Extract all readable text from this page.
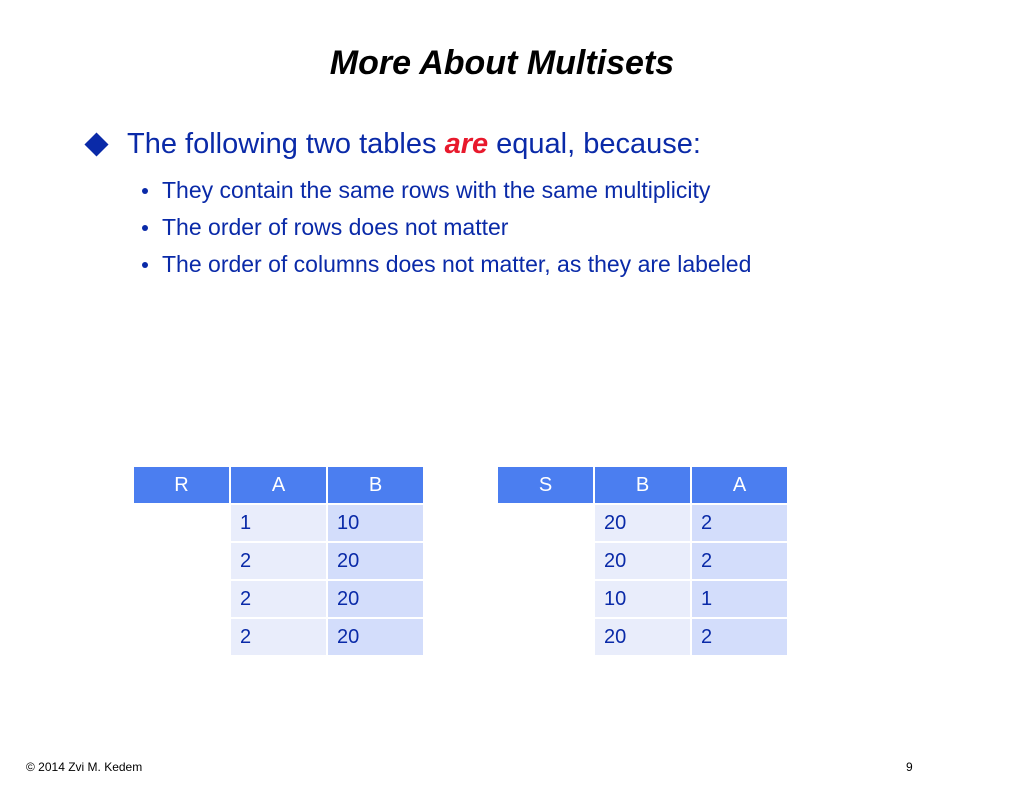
More About Multisets
The following two tables are equal, because:
They contain the same rows with the same multiplicity
The order of rows does not matter
The order of columns does not matter, as they are labeled
R	A	B
	1	10
	2	20
	2	20
	2	20
S	B	A
	20	2
	20	2
	10	1
	20	2
© 2014 Zvi M. Kedem	9
